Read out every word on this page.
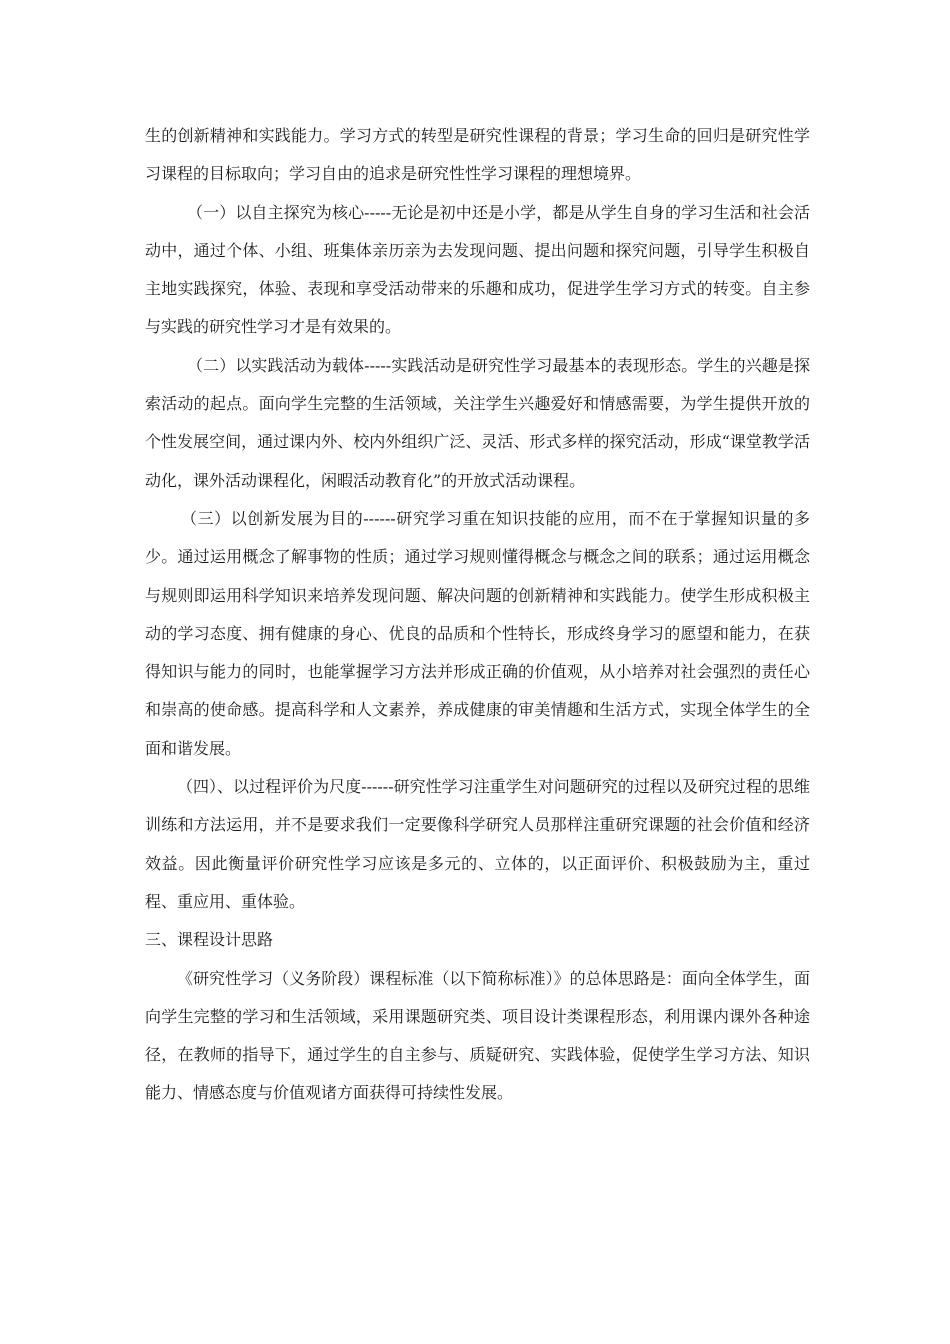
生的创新精神和实践能力。学习方式的转型是研究性课程的背景；学习生命的回归是研究性学习课程的目标取向；学习自由的追求是研究性性学习课程的理想境界。

（一）以自主探究为核心-----无论是初中还是小学，都是从学生自身的学习生活和社会活动中，通过个体、小组、班集体亲历亲为去发现问题、提出问题和探究问题，引导学生积极自主地实践探究，体验、表现和享受活动带来的乐趣和成功，促进学生学习方式的转变。自主参与实践的研究性学习才是有效果的。

（二）以实践活动为载体-----实践活动是研究性学习最基本的表现形态。学生的兴趣是探索活动的起点。面向学生完整的生活领域，关注学生兴趣爱好和情感需要，为学生提供开放的个性发展空间，通过课内外、校内外组织广泛、灵活、形式多样的探究活动，形成“课堂教学活动化，课外活动课程化，闲暇活动教育化”的开放式活动课程。

（三）以创新发展为目的------研究学习重在知识技能的应用，而不在于掌握知识量的多少。通过运用概念了解事物的性质；通过学习规则懂得概念与概念之间的联系；通过运用概念与规则即运用科学知识来培养发现问题、解决问题的创新精神和实践能力。使学生形成积极主动的学习态度、拥有健康的身心、优良的品质和个性特长，形成终身学习的愿望和能力，在获得知识与能力的同时，也能掌握学习方法并形成正确的价值观，从小培养对社会强烈的责任心和崇高的使命感。提高科学和人文素养，养成健康的审美情趣和生活方式，实现全体学生的全面和谐发展。

（四）、以过程评价为尺度------研究性学习注重学生对问题研究的过程以及研究过程的思维训练和方法运用，并不是要求我们一定要像科学研究人员那样注重研究课题的社会价值和经济效益。因此衡量评价研究性学习应该是多元的、立体的，以正面评价、积极鼓励为主，重过程、重应用、重体验。

三、课程设计思路

《研究性学习（义务阶段）课程标准（以下简称标准）》的总体思路是：面向全体学生，面向学生完整的学习和生活领域，采用课题研究类、项目设计类课程形态，利用课内课外各种途径，在教师的指导下，通过学生的自主参与、质疑研究、实践体验，促使学生学习方法、知识能力、情感态度与价值观诸方面获得可持续性发展。
